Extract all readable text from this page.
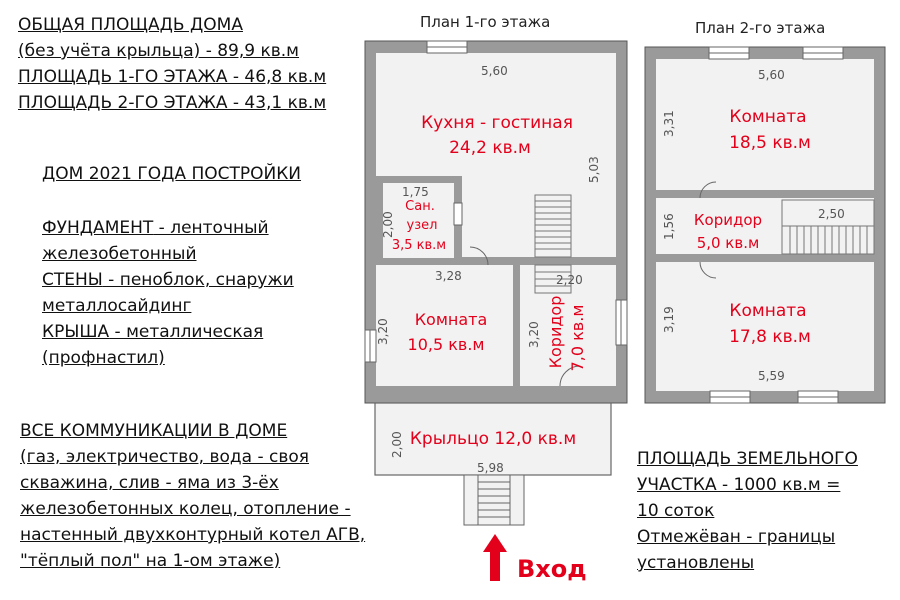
ОБЩАЯ ПЛОЩАДЬ ДОМА
(без учёта крыльца) - 89,9 кв.м
ПЛОЩАДЬ 1-ГО ЭТАЖА - 46,8 кв.м
ПЛОЩАДЬ 2-ГО ЭТАЖА - 43,1 кв.м
ДОМ 2021 ГОДА ПОСТРОЙКИ
ФУНДАМЕНТ - ленточный
железобетонный
СТЕНЫ - пеноблок, снаружи
металлосайдинг
КРЫША - металлическая
(профнастил)
ВСЕ КОММУНИКАЦИИ В ДОМЕ
(газ, электричество, вода - своя
скважина, слив - яма из 3-ёх
железобетонных колец, отопление -
настенный двухконтурный котел АГВ,
"тёплый пол" на 1-ом этаже)
ПЛОЩАДЬ ЗЕМЕЛЬНОГО
УЧАСТКА - 1000 кв.м =
10 соток
Отмежёван - границы
установлены
План 1-го этажа	План 2-го этажа
5,60
5,03
1,75
2,00
3,28
3,20
2,20
3,20
2,00
5,98
Кухня - гостиная
24,2 кв.м
Сан.
узел
3,5 кв.м
Комната
10,5 кв.м	Коридор 7,0 кв.м
Крыльцо 12,0 кв.м
5,60
3,31
2,50
1,56
3,19
5,59
Комната
18,5 кв.м
Коридор
5,0 кв.м
Комната
17,8 кв.м
Вход
